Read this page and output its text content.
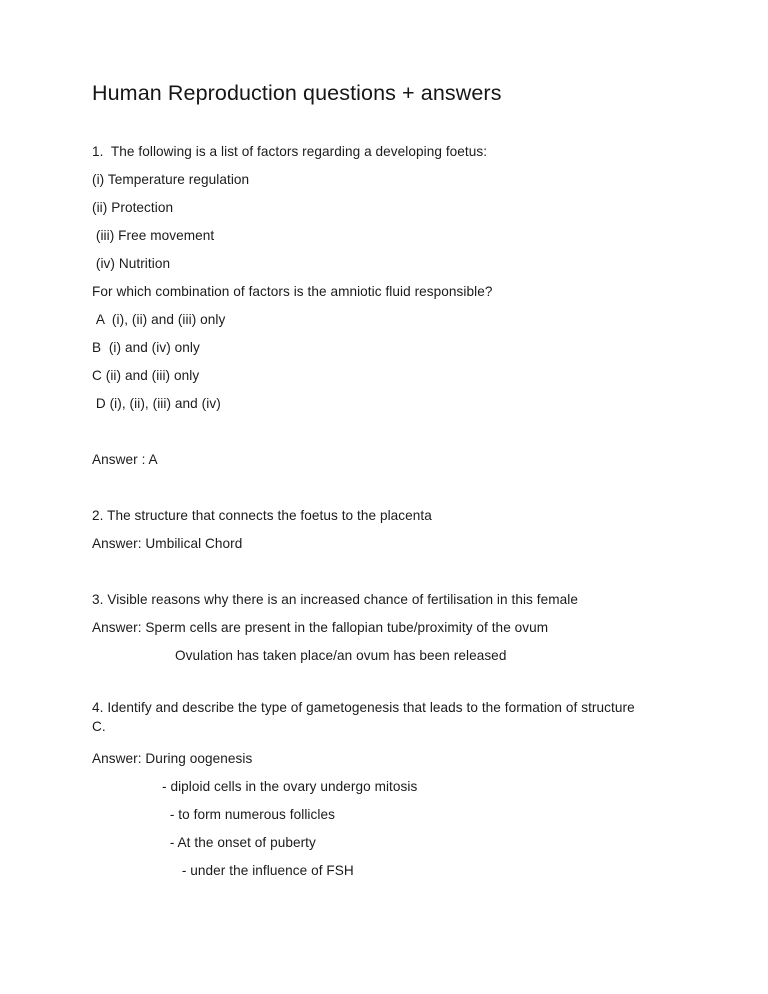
Human Reproduction questions + answers

1.  The following is a list of factors regarding a developing foetus:

(i) Temperature regulation

(ii) Protection

(iii) Free movement

(iv) Nutrition

For which combination of factors is the amniotic fluid responsible?

A  (i), (ii) and (iii) only

B  (i) and (iv) only

C (ii) and (iii) only

D (i), (ii), (iii) and (iv)

Answer : A

2. The structure that connects the foetus to the placenta

Answer: Umbilical Chord

3. Visible reasons why there is an increased chance of fertilisation in this female

Answer: Sperm cells are present in the fallopian tube/proximity of the ovum

Ovulation has taken place/an ovum has been released

4. Identify and describe the type of gametogenesis that leads to the formation of structure C.

Answer: During oogenesis

- diploid cells in the ovary undergo mitosis

- to form numerous follicles

- At the onset of puberty

- under the influence of FSH
